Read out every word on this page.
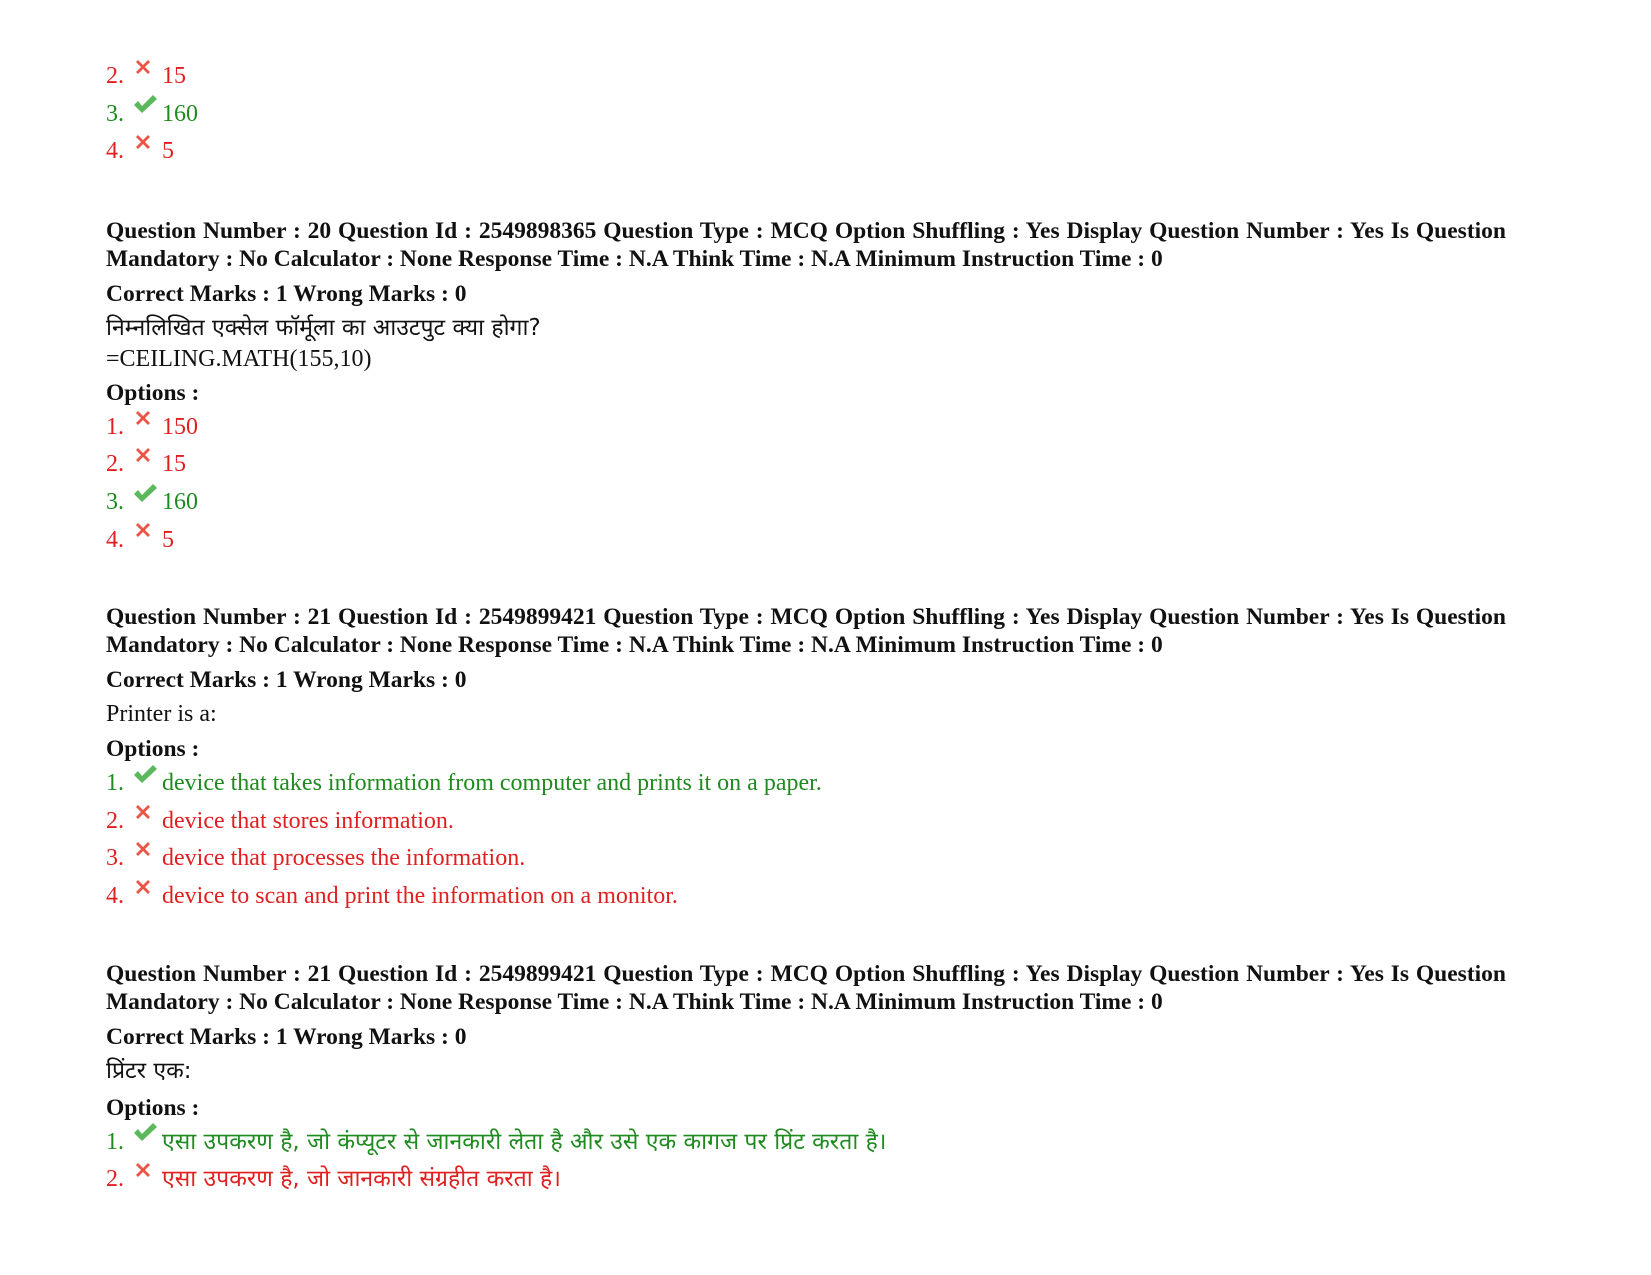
2.	15
3.	160
4.	5
Question Number : 20 Question Id : 2549898365 Question Type : MCQ Option Shuffling : Yes Display Question Number : Yes Is Question Mandatory : No Calculator : None Response Time : N.A Think Time : N.A Minimum Instruction Time : 0
Correct Marks : 1 Wrong Marks : 0
निम्नलिखित एक्सेल फॉर्मूला का आउटपुट क्या होगा?
=CEILING.MATH(155,10)
Options :
1.	150
2.	15
3.	160
4.	5
Question Number : 21 Question Id : 2549899421 Question Type : MCQ Option Shuffling : Yes Display Question Number : Yes Is Question Mandatory : No Calculator : None Response Time : N.A Think Time : N.A Minimum Instruction Time : 0
Correct Marks : 1 Wrong Marks : 0
Printer is a:
Options :
1.	device that takes information from computer and prints it on a paper.
2.	device that stores information.
3.	device that processes the information.
4.	device to scan and print the information on a monitor.
Question Number : 21 Question Id : 2549899421 Question Type : MCQ Option Shuffling : Yes Display Question Number : Yes Is Question Mandatory : No Calculator : None Response Time : N.A Think Time : N.A Minimum Instruction Time : 0
Correct Marks : 1 Wrong Marks : 0
प्रिंटर एक:
Options :
1.	एसा उपकरण है, जो कंप्यूटर से जानकारी लेता है और उसे एक कागज पर प्रिंट करता है।
2.	एसा उपकरण है, जो जानकारी संग्रहीत करता है।
